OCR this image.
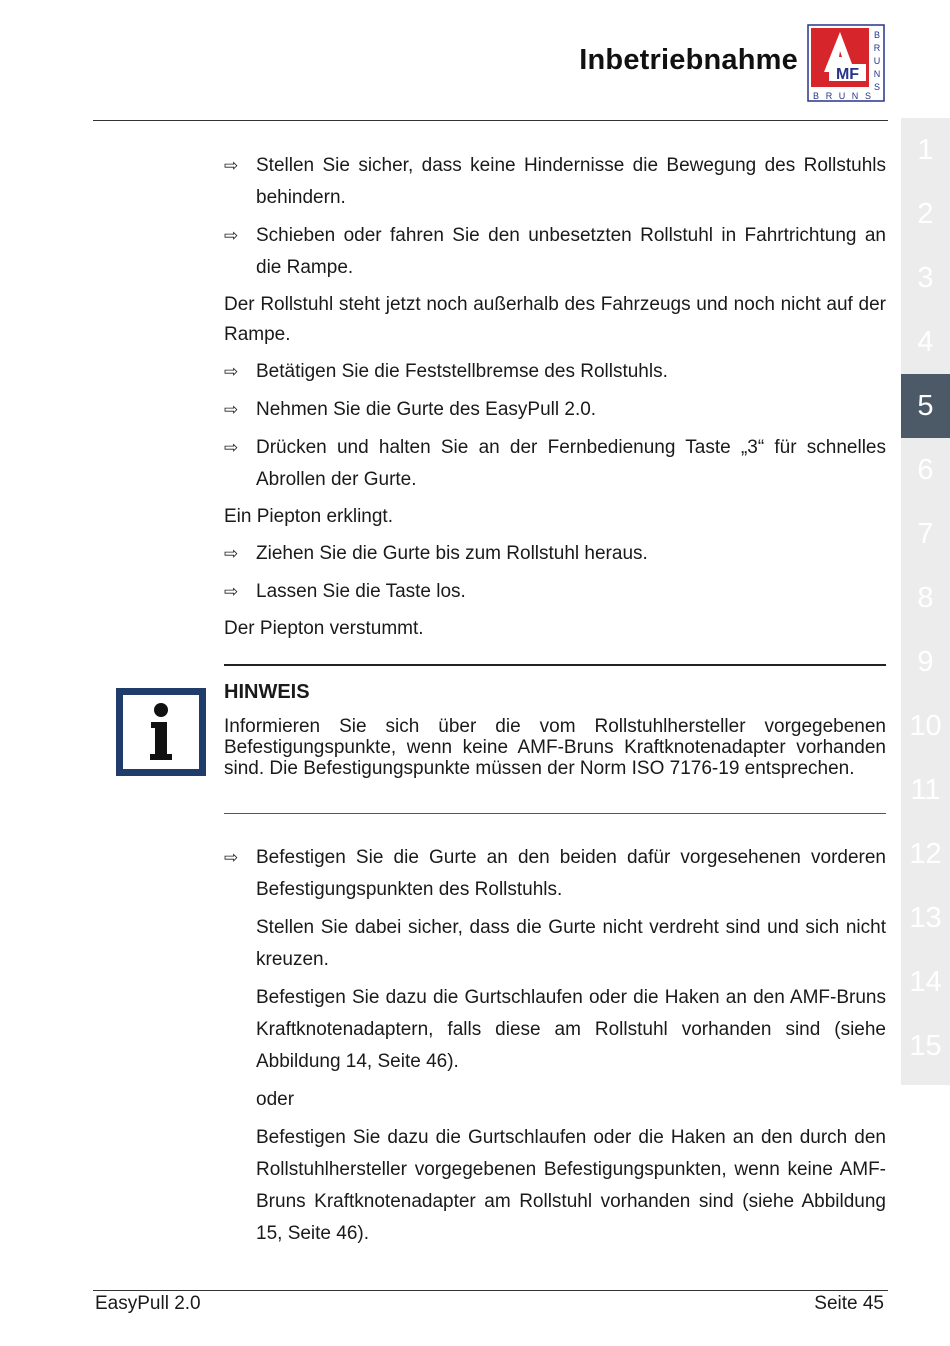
Inbetriebnahme MF
B
R
U
N
S
B R U N S
1
2
3
4
5
6
7
8
9
10
11
12
13
14
15
⇨ Stellen Sie sicher, dass keine Hindernisse die Bewegung des Rollstuhls behindern.
⇨ Schieben oder fahren Sie den unbesetzten Rollstuhl in Fahrtrichtung an die Rampe.
Der Rollstuhl steht jetzt noch außerhalb des Fahrzeugs und noch nicht auf der Rampe.
⇨ Betätigen Sie die Feststellbremse des Rollstuhls.
⇨ Nehmen Sie die Gurte des EasyPull 2.0.
⇨ Drücken und halten Sie an der Fernbedienung Taste „3“ für schnelles Abrollen der Gurte.
Ein Piepton erklingt.
⇨ Ziehen Sie die Gurte bis zum Rollstuhl heraus.
⇨ Lassen Sie die Taste los.
Der Piepton verstummt.
HINWEIS
Informieren Sie sich über die vom Rollstuhlhersteller vorgegebenen Befestigungspunkte, wenn keine AMF-Bruns Kraftknotenadapter vorhanden sind. Die Befestigungspunkte müssen der Norm ISO 7176-19 entsprechen.
⇨ Befestigen Sie die Gurte an den beiden dafür vorgesehenen vorderen Befestigungspunkten des Rollstuhls.
Stellen Sie dabei sicher, dass die Gurte nicht verdreht sind und sich nicht kreuzen.
Befestigen Sie dazu die Gurtschlaufen oder die Haken an den AMF-Bruns Kraftknotenadaptern, falls diese am Rollstuhl vorhanden sind (siehe Abbildung 14, Seite 46).
oder
Befestigen Sie dazu die Gurtschlaufen oder die Haken an den durch den Rollstuhlhersteller vorgegebenen Befestigungspunkten, wenn keine AMF-Bruns Kraftknotenadapter am Rollstuhl vorhanden sind (siehe Abbildung 15, Seite 46).
EasyPull 2.0	Seite 45
